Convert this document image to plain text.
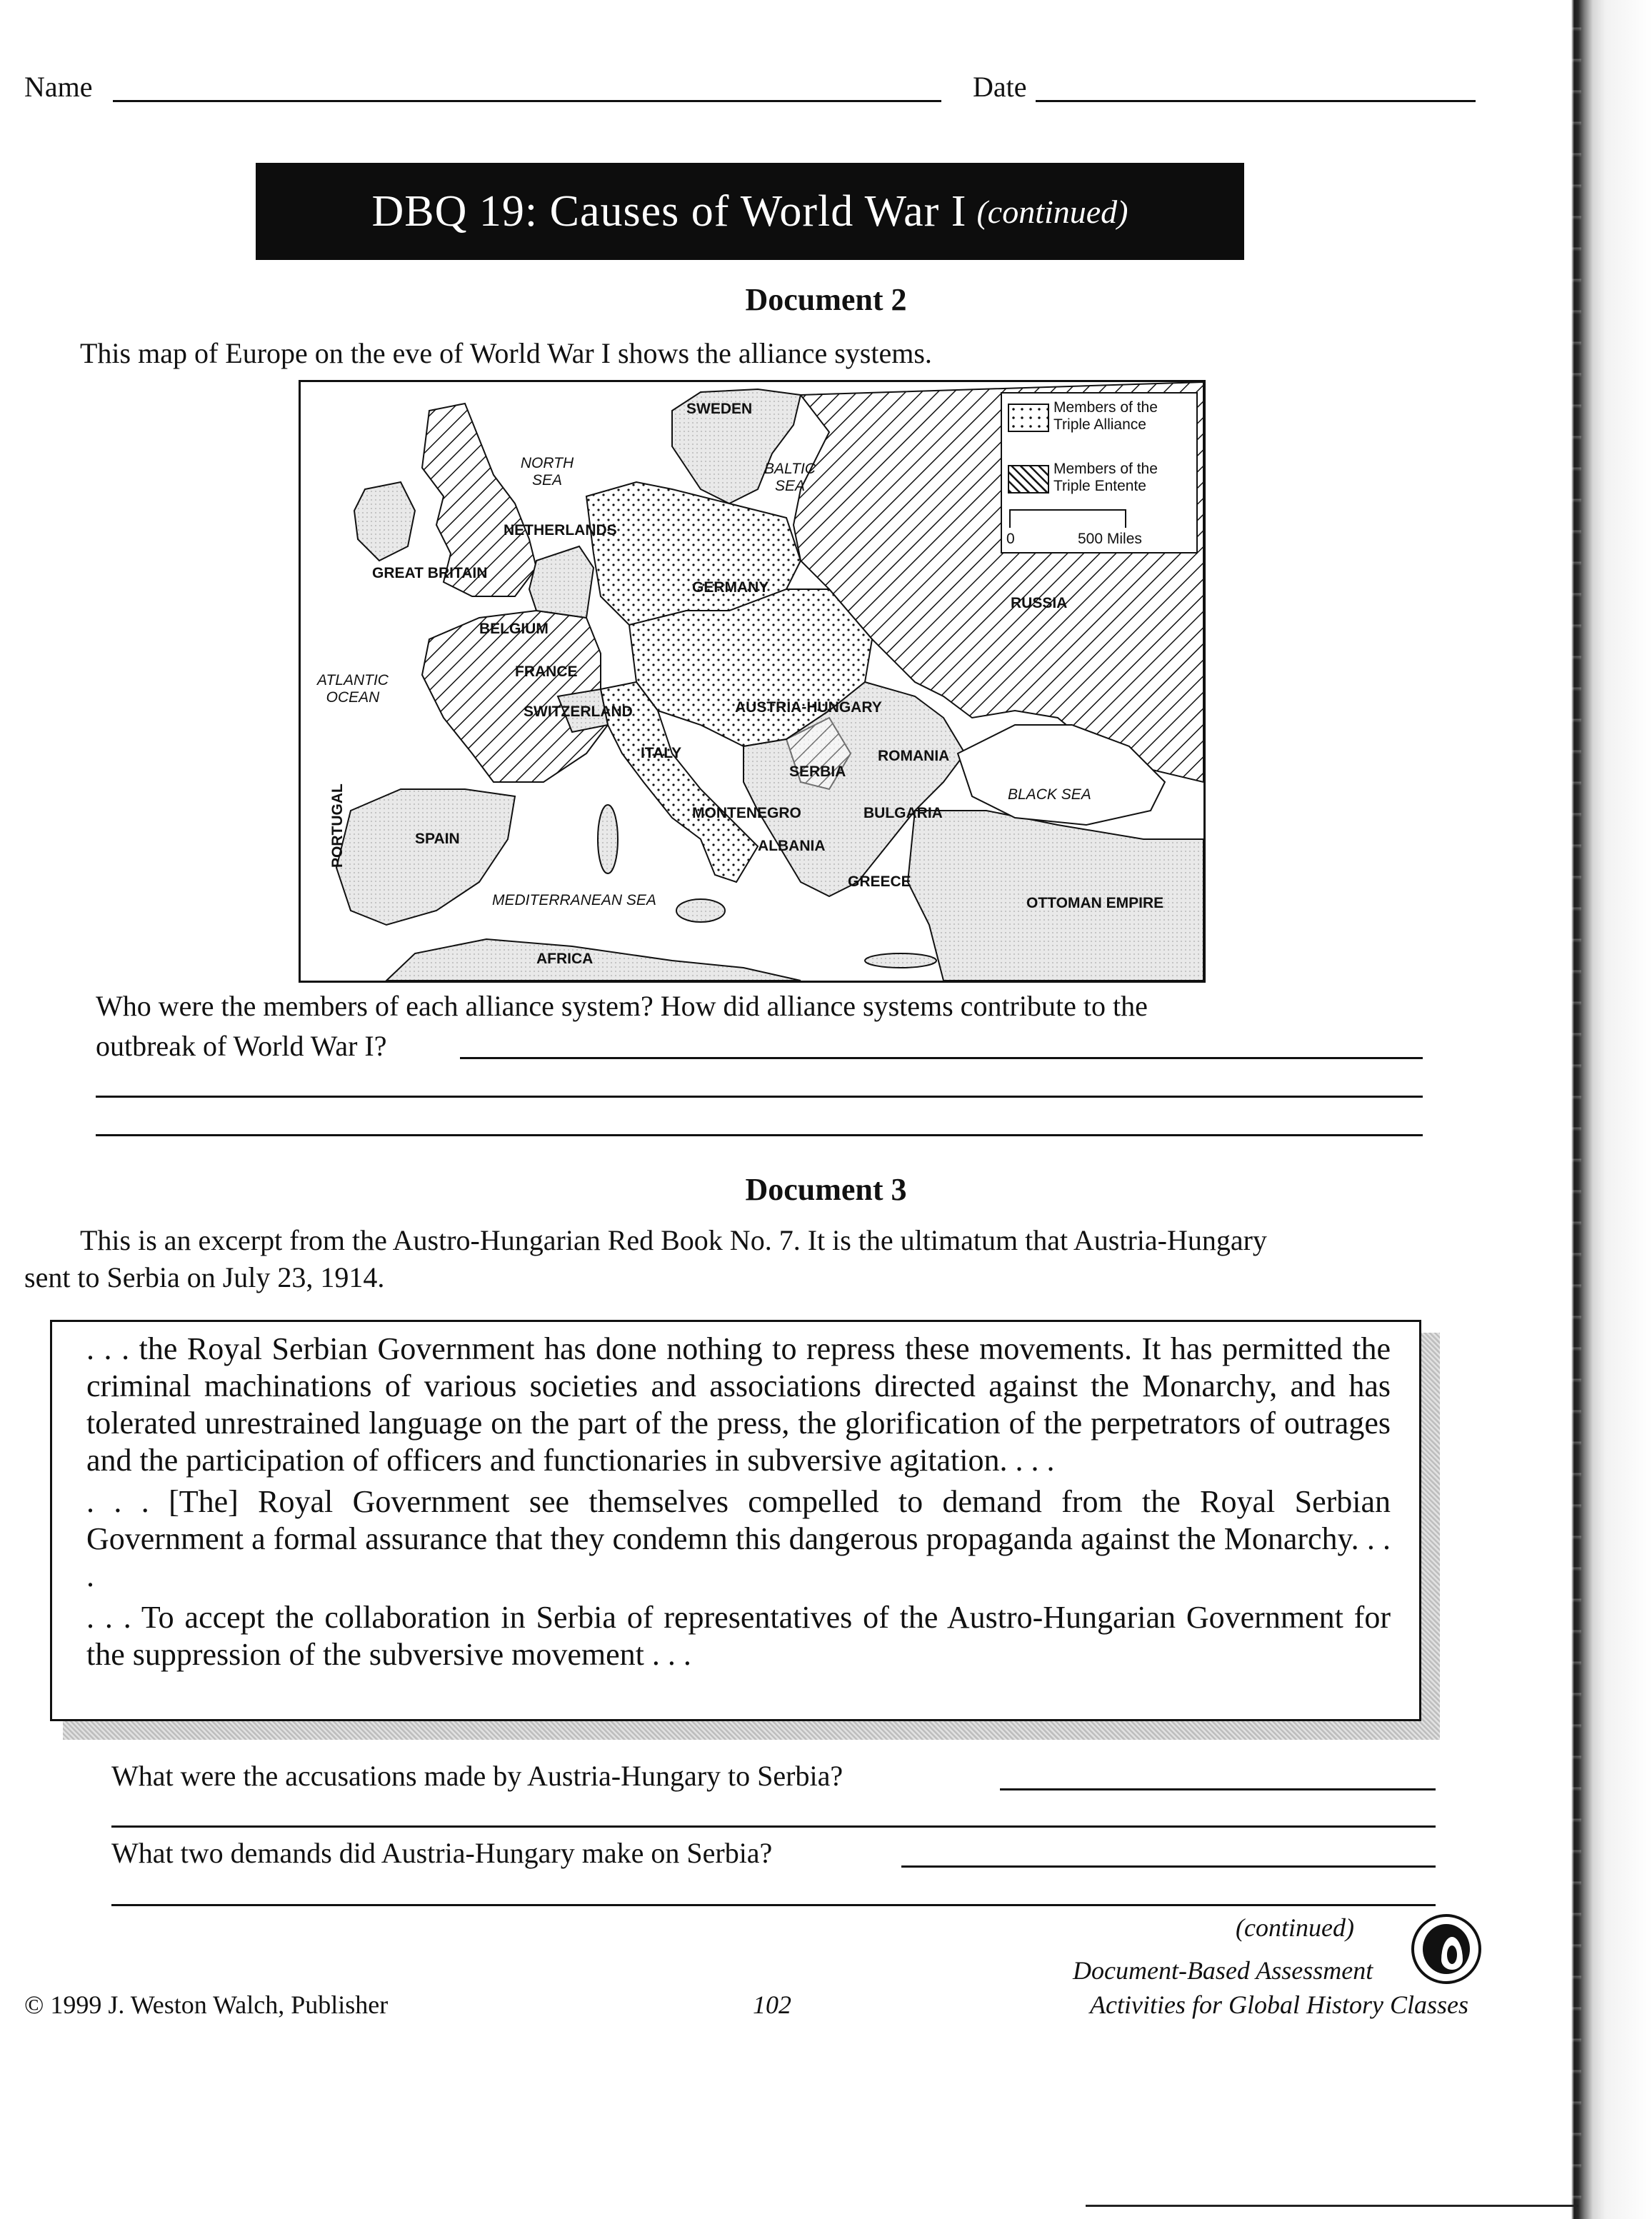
Name	Date
DBQ 19: Causes of World War I (continued)
Document 2
This map of Europe on the eve of World War I shows the alliance systems.
Members of the Triple Alliance
Members of the Triple Entente
0	500 Miles
SWEDEN
NORTH SEA
BALTIC SEA
NETHERLANDS
GREAT BRITAIN
GERMANY
RUSSIA
BELGIUM
FRANCE
ATLANTIC OCEAN
SWITZERLAND	AUSTRIA-HUNGARY
ITALY
SERBIA
ROMANIA
BLACK SEA
MONTENEGRO	BULGARIA
SPAIN
PORTUGAL	ALBANIA
GREECE
MEDITERRANEAN SEA	OTTOMAN EMPIRE
AFRICA
Who were the members of each alliance system? How did alliance systems contribute to the
outbreak of World War I?
Document 3
This is an excerpt from the Austro-Hungarian Red Book No. 7. It is the ultimatum that Austria-Hungary
sent to Serbia on July 23, 1914.

. . . the Royal Serbian Government has done nothing to repress these movements. It has permitted the criminal machinations of various societies and associations directed against the Monarchy, and has tolerated unrestrained language on the part of the press, the glorification of the perpetrators of outrages and the participation of officers and functionaries in subversive agitation. . . .

. . . [The] Royal Government see themselves compelled to demand from the Royal Serbian Government a formal assurance that they condemn this dangerous propaganda against the Monarchy. . . .

. . . To accept the collaboration in Serbia of representatives of the Austro-Hungarian Government for the suppression of the subversive movement . . .

What were the accusations made by Austria-Hungary to Serbia?
What two demands did Austria-Hungary make on Serbia?
(continued)
Document-Based Assessment
© 1999 J. Weston Walch, Publisher	102	Activities for Global History Classes
